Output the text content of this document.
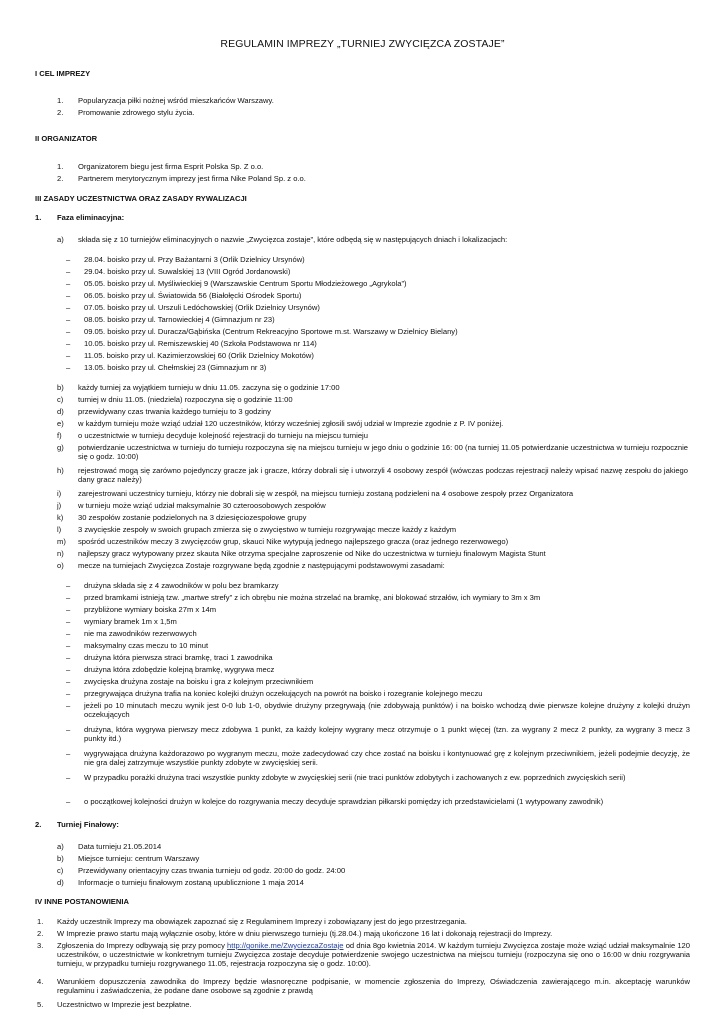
REGULAMIN IMPREZY „TURNIEJ ZWYCIĘZCA ZOSTAJE”
I CEL IMPREZY
1. Popularyzacja piłki nożnej wśród mieszkańców Warszawy.
2. Promowanie zdrowego stylu życia.
II ORGANIZATOR
1. Organizatorem biegu jest firma Esprit Polska Sp. Z o.o.
2. Partnerem merytorycznym imprezy jest firma Nike Poland Sp. z o.o.
III ZASADY UCZESTNICTWA ORAZ ZASADY RYWALIZACJI
1. Faza eliminacyjna:
a) składa się z 10 turniejów eliminacyjnych o nazwie „Zwycięzca zostaje”, które odbędą się w następujących dniach i lokalizacjach:
– 28.04. boisko przy ul. Przy Bażantarni 3 (Orlik Dzielnicy Ursynów)
– 29.04. boisko przy ul. Suwalskiej 13 (VIII Ogród Jordanowski)
– 05.05. boisko przy ul. Myśliwieckiej 9 (Warszawskie Centrum Sportu Młodzieżowego „Agrykola”)
– 06.05. boisko przy ul. Światowida 56 (Białołęcki Ośrodek Sportu)
– 07.05. boisko przy ul. Urszuli Ledóchowskiej (Orlik Dzielnicy Ursynów)
– 08.05. boisko przy ul. Tarnowieckiej 4 (Gimnazjum nr 23)
– 09.05. boisko przy ul. Duracza/Gąbińska (Centrum Rekreacyjno Sportowe m.st. Warszawy w Dzielnicy Bielany)
– 10.05. boisko przy ul. Remiszewskiej 40 (Szkoła Podstawowa nr 114)
– 11.05. boisko przy ul. Kazimierzowskiej 60 (Orlik Dzielnicy Mokotów)
– 13.05. boisko przy ul. Chełmskiej 23 (Gimnazjum nr 3)
b) każdy turniej za wyjątkiem turnieju w dniu 11.05. zaczyna się o godzinie 17:00
c) turniej w dniu 11.05. (niedziela) rozpoczyna się o godzinie 11:00
d) przewidywany czas trwania każdego turnieju to 3 godziny
e) w każdym turnieju może wziąć udział 120 uczestników, którzy wcześniej zgłosili swój udział w Imprezie zgodnie z P. IV poniżej.
f) o uczestnictwie w turnieju decyduje kolejność rejestracji do turnieju na miejscu turnieju
g) potwierdzanie uczestnictwa w turnieju do turnieju rozpoczyna się na miejscu turnieju w jego dniu o godzinie 16: 00 (na turniej 11.05 potwierdzanie uczestnictwa w turnieju rozpocznie się o godz. 10:00)
h) rejestrować mogą się zarówno pojedynczy gracze jak i gracze, którzy dobrali się i utworzyli 4 osobowy zespół (wówczas podczas rejestracji należy wpisać nazwę zespołu do jakiego dany gracz należy)
i) zarejestrowani uczestnicy turnieju, którzy nie dobrali się w zespół, na miejscu turnieju zostaną podzieleni na 4 osobowe zespoły przez Organizatora
j) w turnieju może wziąć udział maksymalnie 30 czteroosobowych zespołów
k) 30 zespołów zostanie podzielonych na 3 dziesięciozespołowe grupy
l) 3 zwycięskie zespoły w swoich grupach zmierza się o zwycięstwo w turnieju rozgrywając mecze każdy z każdym
m) spośród uczestników meczy 3 zwycięzców grup, skauci Nike wytypują jednego najlepszego gracza (oraz jednego rezerwowego)
n) najlepszy gracz wytypowany przez skauta Nike otrzyma specjalne zaproszenie od Nike do uczestnictwa w turnieju finalowym Magista Stunt
o) mecze na turniejach Zwycięzca Zostaje rozgrywane będą zgodnie z następującymi podstawowymi zasadami:
– drużyna składa się z 4 zawodników w polu bez bramkarzy
– przed bramkami istnieją tzw. „martwe strefy” z ich obrębu nie można strzelać na bramkę, ani blokować strzałów, ich wymiary to 3m x 3m
– przybliżone wymiary boiska 27m x 14m
– wymiary bramek 1m x 1,5m
– nie ma zawodników rezerwowych
– maksymalny czas meczu to 10 minut
– drużyna która pierwsza straci bramkę, traci 1 zawodnika
– drużyna która zdobędzie kolejną bramkę, wygrywa mecz
– zwycięska drużyna zostaje na boisku i gra z kolejnym przeciwnikiem
– przegrywająca drużyna trafia na koniec kolejki drużyn oczekujących na powrót na boisko i rozegranie kolejnego meczu
– jeżeli po 10 minutach meczu wynik jest 0-0 lub 1-0, obydwie drużyny przegrywają (nie zdobywają punktów) i na boisko wchodzą dwie pierwsze kolejne drużyny z kolejki drużyn oczekujących
– drużyna, która wygrywa pierwszy mecz zdobywa 1 punkt, za każdy kolejny wygrany mecz otrzymuje o 1 punkt więcej (tzn. za wygrany 2 mecz 2 punkty, za wygrany 3 mecz 3 punkty itd.)
– wygrywająca drużyna każdorazowo po wygranym meczu, może zadecydować czy chce zostać na boisku i kontynuować grę z kolejnym przeciwnikiem, jeżeli podejmie decyzję, że nie gra dalej zatrzymuje wszystkie punkty zdobyte w zwycięskiej serii.
– W przypadku porażki drużyna traci wszystkie punkty zdobyte w zwycięskiej serii (nie traci punktów zdobytych i zachowanych z ew. poprzednich zwycięskich serii)
– o początkowej kolejności drużyn w kolejce do rozgrywania meczy decyduje sprawdzian piłkarski pomiędzy ich przedstawicielami (1 wytypowany zawodnik)
2. Turniej Finałowy:
a) Data turnieju 21.05.2014
b) Miejsce turnieju: centrum Warszawy
c) Przewidywany orientacyjny czas trwania turnieju od godz. 20:00 do godz. 24:00
d) Informacje o turnieju finałowym zostaną upublicznione 1 maja 2014
IV INNE POSTANOWIENIA
1. Każdy uczestnik Imprezy ma obowiązek zapoznać się z Regulaminem Imprezy i zobowiązany jest do jego przestrzegania.
2. W Imprezie prawo startu mają wyłącznie osoby, które w dniu pierwszego turnieju (tj.28.04.) mają ukończone 16 lat i dokonają rejestracji do Imprezy.
3. Zgłoszenia do Imprezy odbywają się przy pomocy http://gonike.me/ZwyciezcaZostaje od dnia 8go kwietnia 2014. W każdym turnieju Zwycięzca zostaje może wziąć udział maksymalnie 120 uczestników, o uczestnictwie w konkretnym turnieju Zwycięzca zostaje decyduje potwierdzenie swojego uczestnictwa na miejscu turnieju (rozpoczyna się ono o 16:00 w dniu rozgrywania turnieju, w przypadku turnieju rozgrywanego 11.05, rejestracja rozpoczyna się o godz. 10:00).
4. Warunkiem dopuszczenia zawodnika do Imprezy będzie własnoręczne podpisanie, w momencie zgłoszenia do Imprezy, Oświadczenia zawierającego m.in. akceptację warunków regulaminu i zaświadczenia, że podane dane osobowe są zgodnie z prawdą
5. Uczestnictwo w Imprezie jest bezpłatne.
